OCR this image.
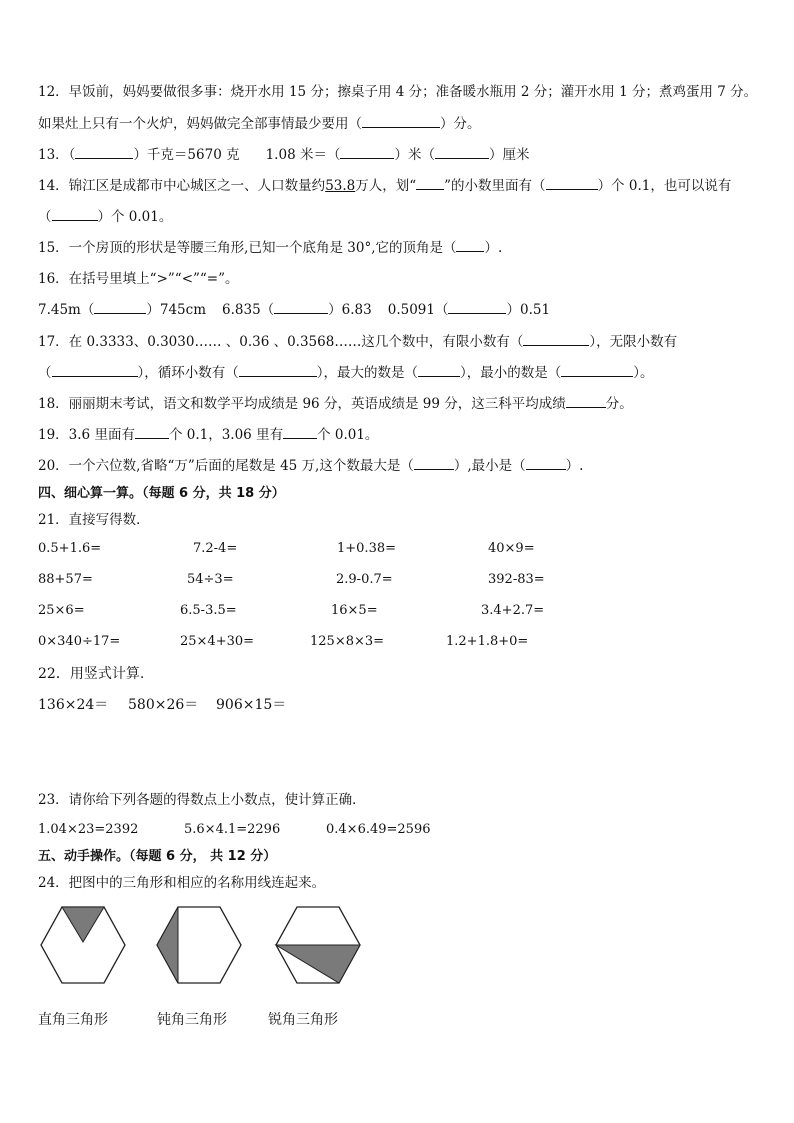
12．早饭前，妈妈要做很多事：烧开水用 15 分；擦桌子用 4 分；准备暖水瓶用 2 分；灌开水用 1 分；煮鸡蛋用 7 分。
如果灶上只有一个火炉，妈妈做完全部事情最少要用（	）分。
13．（	）千克＝5670 克 1.08 米＝（	）米（	）厘米
14．锦江区是成都市中心城区之一、人口数量约53.8万人，划“ ”的小数里面有（	）个 0.1，也可以说有
（	）个 0.01。
15．一个房顶的形状是等腰三角形,已知一个底角是 30°,它的顶角是（ ）.
16．在括号里填上“>”“<”“=”。
7.45m（	）745cm 6.835（	）6.83 0.5091（	）0.51
17．在 0.3333、0.3030…… 、0.36 、0.3568……这几个数中，有限小数有（	），无限小数有
（	），循环小数有（	），最大的数是（	），最小的数是（	）。
18．丽丽期末考试，语文和数学平均成绩是 96 分，英语成绩是 99 分，这三科平均成绩	分。
19．3.6 里面有	个 0.1，3.06 里有	个 0.01。
20．一个六位数,省略“万”后面的尾数是 45 万,这个数最大是（	）,最小是（	）.
四、细心算一算。（每题 6 分，共 18 分）
21．直接写得数．
0.5+1.6=	7.2-4=	1+0.38=	40×9=
88+57=	54÷3=	2.9-0.7=	392-83=
25×6=	6.5-3.5=	16×5=	3.4+2.7=
0×340÷17=	25×4+30=	125×8×3=	1.2+1.8+0=
22．用竖式计算.
136×24＝ 580×26＝ 906×15＝
23．请你给下列各题的得数点上小数点，使计算正确．
1.04×23=2392	5.6×4.1=2296	0.4×6.49=2596
五、动手操作。（每题 6 分， 共 12 分）
24．把图中的三角形和相应的名称用线连起来。
直角三角形	钝角三角形	锐角三角形
